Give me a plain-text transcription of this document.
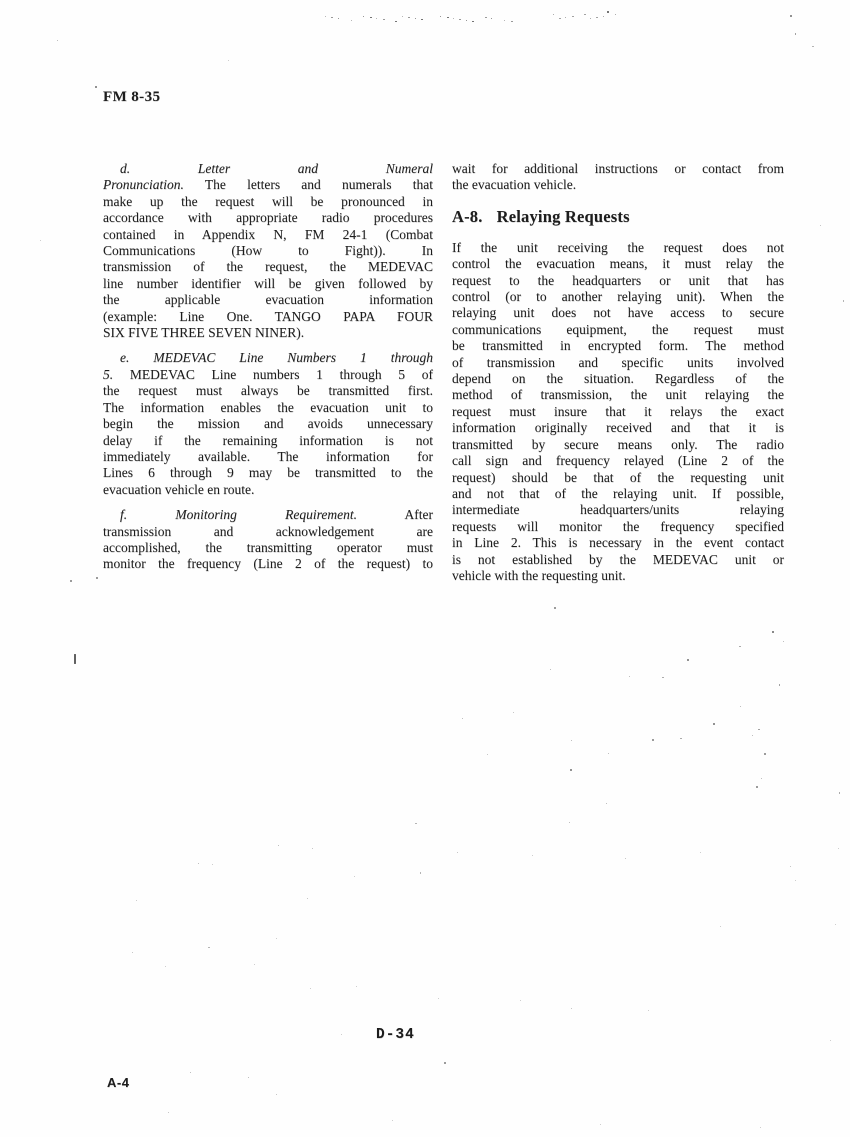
FM 8-35
d. Letter and Numeral
Pronunciation. The letters and numerals that
make up the request will be pronounced in
accordance with appropriate radio procedures
contained in Appendix N, FM 24-1 (Combat
Communications (How to Fight)). In
transmission of the request, the MEDEVAC
line number identifier will be given followed by
the applicable evacuation information
(example: Line One. TANGO PAPA FOUR
SIX FIVE THREE SEVEN NINER).
e. MEDEVAC Line Numbers 1 through
5. MEDEVAC Line numbers 1 through 5 of
the request must always be transmitted first.
The information enables the evacuation unit to
begin the mission and avoids unnecessary
delay if the remaining information is not
immediately available. The information for
Lines 6 through 9 may be transmitted to the
evacuation vehicle en route.
f. Monitoring Requirement. After
transmission and acknowledgement are
accomplished, the transmitting operator must
monitor the frequency (Line 2 of the request) to
wait for additional instructions or contact from
the evacuation vehicle.
A-8. Relaying Requests
If the unit receiving the request does not
control the evacuation means, it must relay the
request to the headquarters or unit that has
control (or to another relaying unit). When the
relaying unit does not have access to secure
communications equipment, the request must
be transmitted in encrypted form. The method
of transmission and specific units involved
depend on the situation. Regardless of the
method of transmission, the unit relaying the
request must insure that it relays the exact
information originally received and that it is
transmitted by secure means only. The radio
call sign and frequency relayed (Line 2 of the
request) should be that of the requesting unit
and not that of the relaying unit. If possible,
intermediate headquarters/units relaying
requests will monitor the frequency specified
in Line 2. This is necessary in the event contact
is not established by the MEDEVAC unit or
vehicle with the requesting unit.
D-34
A-4
